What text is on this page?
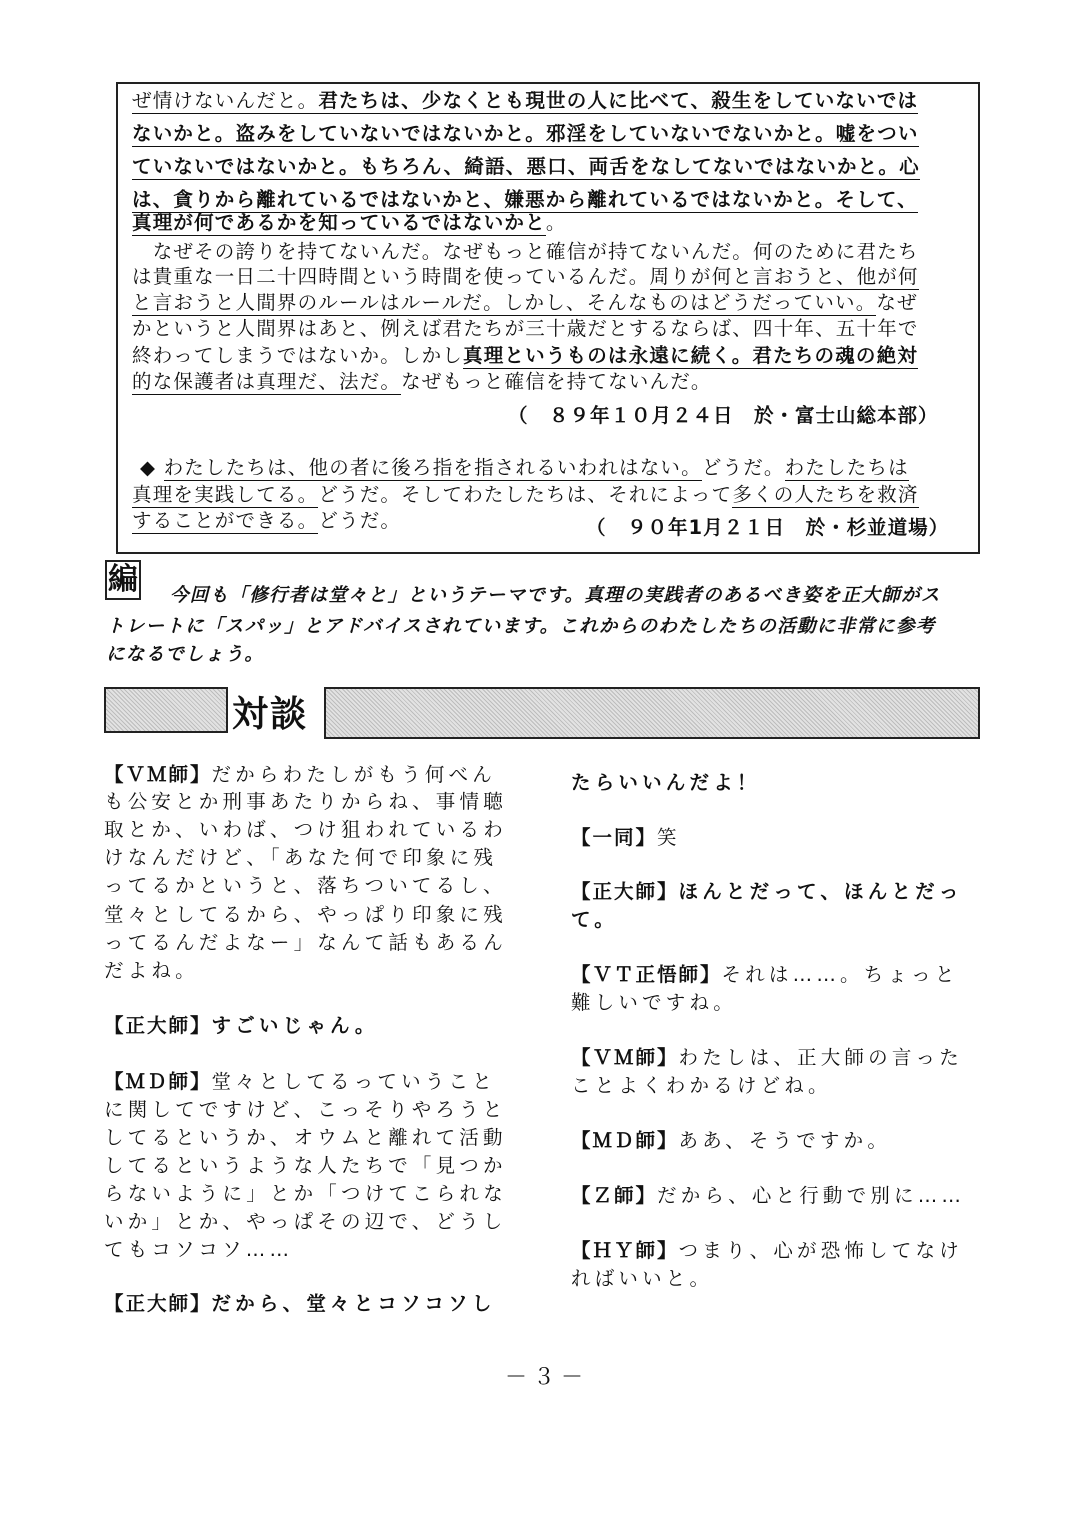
ぜ情けないんだと。君たちは、少なくとも現世の人に比べて、殺生をしていないでは
ないかと。盗みをしていないではないかと。邪淫をしていないでないかと。嘘をつい
ていないではないかと。もちろん、綺語、悪口、両舌をなしてないではないかと。心
は、貪りから離れているではないかと、嫌悪から離れているではないかと。そして、
真理が何であるかを知っているではないかと。
　なぜその誇りを持てないんだ。なぜもっと確信が持てないんだ。何のために君たち
は貴重な一日二十四時間という時間を使っているんだ。周りが何と言おうと、他が何
と言おうと人間界のルールはルールだ。しかし、そんなものはどうだっていい。なぜ
かというと人間界はあと、例えば君たちが三十歳だとするならば、四十年、五十年で
終わってしまうではないか。しかし真理というものは永遠に続く。君たちの魂の絶対
的な保護者は真理だ、法だ。なぜもっと確信を持てないんだ。
（　８９年１０月２４日　於・富士山総本部）
◆ わたしたちは、他の者に後ろ指を指されるいわれはない。どうだ。わたしたちは
真理を実践してる。どうだ。そしてわたしたちは、それによって多くの人たちを救済
することができる。どうだ。	（　９０年1月２１日　於・杉並道場）
編 今回も「修行者は堂々と」というテーマです。真理の実践者のあるべき姿を正大師がス
トレートに「スパッ」とアドバイスされています。これからのわたしたちの活動に非常に参考
になるでしょう。
対談
【ＶＭ師】だからわたしがもう何べん
も公安とか刑事あたりからね、事情聴
取とか、いわば、つけ狙われているわ
けなんだけど、「あなた何で印象に残
ってるかというと、落ちついてるし、
堂々としてるから、やっぱり印象に残
ってるんだよなー」なんて話もあるん
だよね。
【正大師】すごいじゃん。
【ＭＤ師】堂々としてるっていうこと
に関してですけど、こっそりやろうと
してるというか、オウムと離れて活動
してるというような人たちで「見つか
らないように」とか「つけてこられな
いか」とか、やっぱその辺で、どうし
てもコソコソ……
【正大師】だから、堂々とコソコソし
たらいいんだよ！
【一同】笑
【正大師】ほんとだって、ほんとだっ
て。
【ＶＴ正悟師】それは……。ちょっと
難しいですね。
【ＶＭ師】わたしは、正大師の言った
ことよくわかるけどね。
【ＭＤ師】ああ、そうですか。
【Ｚ師】だから、心と行動で別に……
【ＨＹ師】つまり、心が恐怖してなけ
ればいいと。
－３－
